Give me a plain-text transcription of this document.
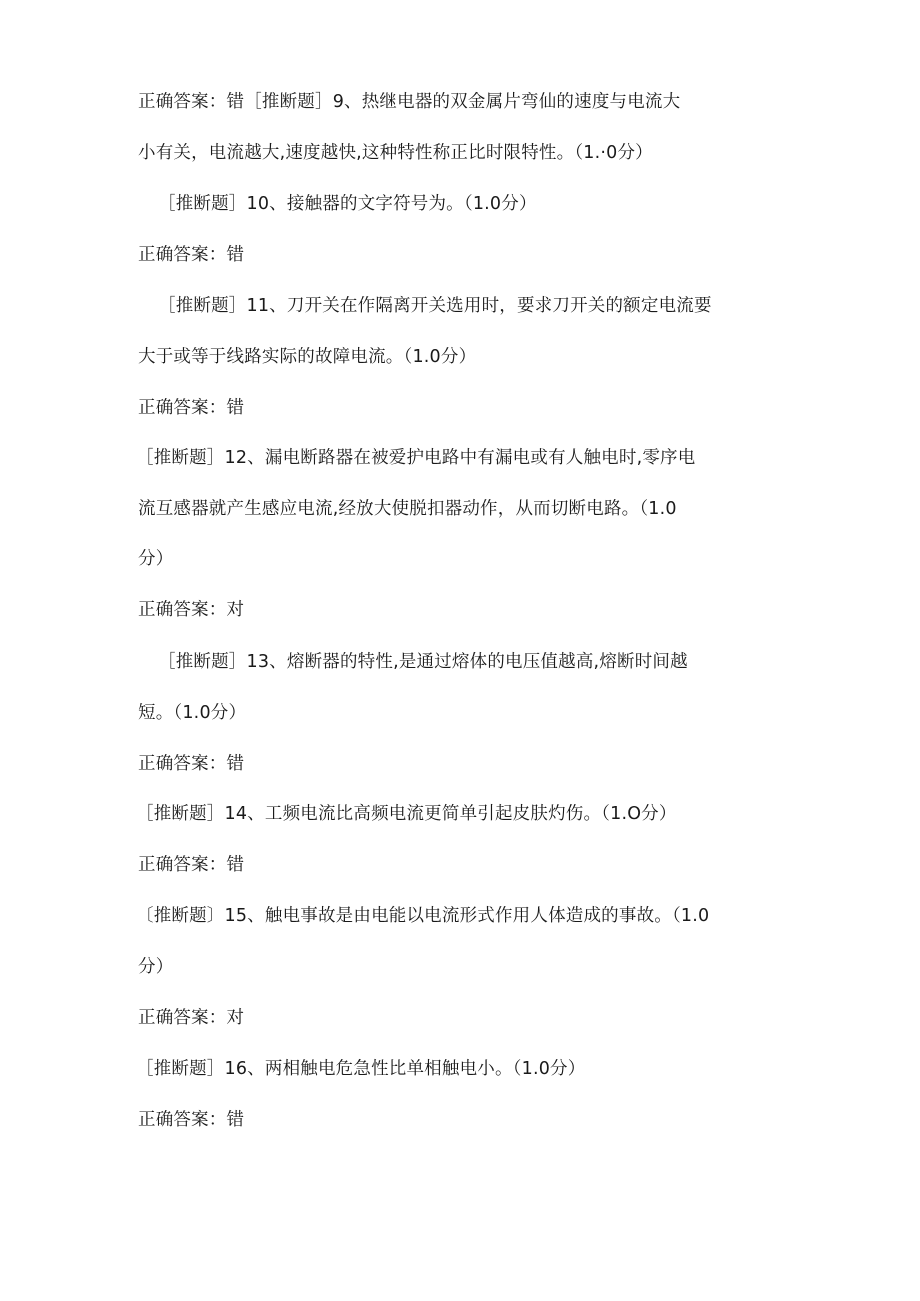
正确答案：错［推断题］9、热继电器的双金属片弯仙的速度与电流大
小有关，电流越大,速度越快,这种特性称正比时限特性。（1.·0分）
［推断题］10、接触器的文字符号为。（1.0分）
正确答案：错
［推断题］11、刀开关在作隔离开关选用时，要求刀开关的额定电流要
大于或等于线路实际的故障电流。（1.0分）
正确答案：错
［推断题］12、漏电断路器在被爱护电路中有漏电或有人触电时,零序电
流互感器就产生感应电流,经放大使脱扣器动作，从而切断电路。（1.0
分）
正确答案：对
［推断题］13、熔断器的特性,是通过熔体的电压值越高,熔断时间越
短。（1.0分）
正确答案：错
［推断题］14、工频电流比高频电流更简单引起皮肤灼伤。（1.O分）
正确答案：错
〔推断题〕15、触电事故是由电能以电流形式作用人体造成的事故。（1.0
分）
正确答案：对
［推断题］16、两相触电危急性比单相触电小。（1.0分）
正确答案：错
